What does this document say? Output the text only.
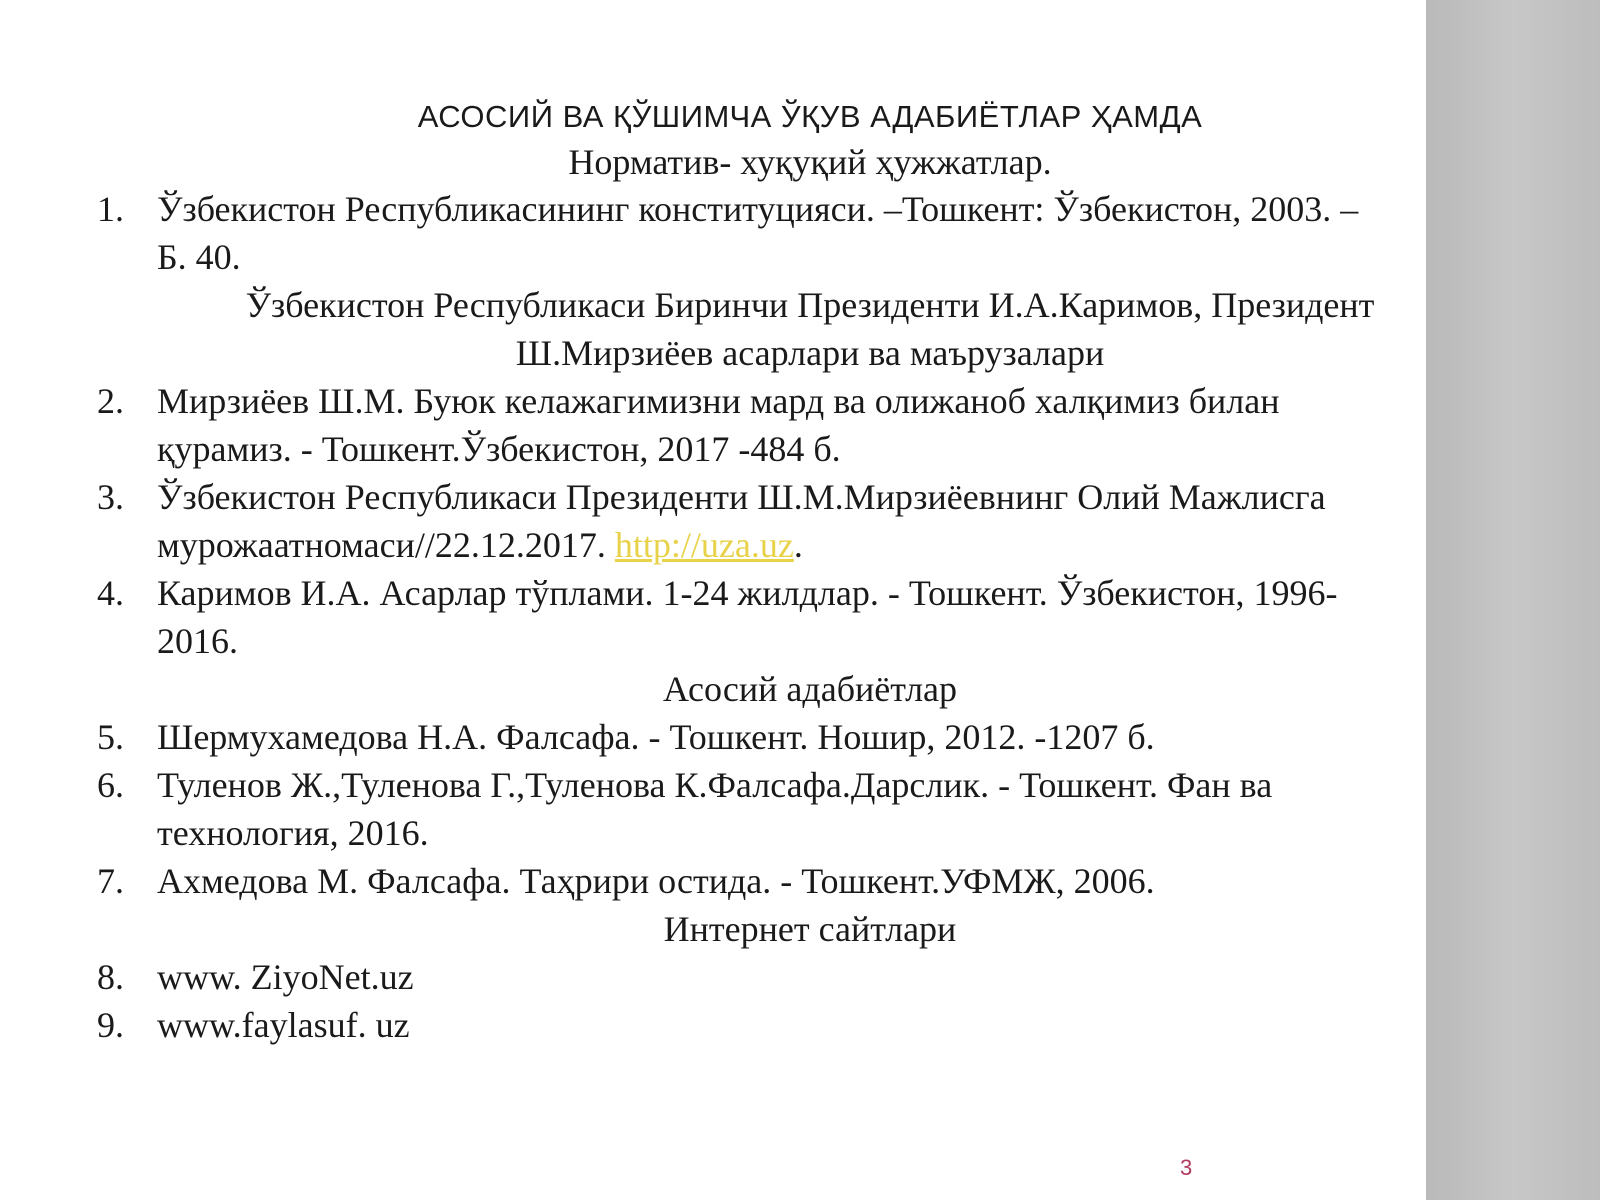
АСОСИЙ ВА ҚЎШИМЧА ЎҚУВ АДАБИЁТЛАР ҲАМДА
Норматив- хуқуқий ҳужжатлар.
1. Ўзбекистон Республикасининг конституцияси. –Тошкент: Ўзбекистон, 2003. –
Б. 40.
Ўзбекистон Республикаси Биринчи Президенти И.А.Каримов, Президент
Ш.Мирзиёев асарлари ва маърузалари
2. Мирзиёев Ш.М. Буюк келажагимизни мард ва олижаноб халқимиз билан
қурамиз. - Тошкент.Ўзбекистон, 2017 -484 б.
3. Ўзбекистон Республикаси Президенти Ш.М.Мирзиёевнинг Олий Мажлисга
мурожаатномаси//22.12.2017. http://uza.uz.
4. Каримов И.А. Асарлар тўплами. 1-24 жилдлар. - Тошкент. Ўзбекистон, 1996-
2016.
Асосий адабиётлар
5. Шермухамедова Н.А. Фалсафа. - Тошкент. Ношир, 2012. -1207 б.
6. Туленов Ж.,Туленова Г.,Туленова К.Фалсафа.Дарслик. - Тошкент. Фан ва
технология, 2016.
7. Ахмедова М. Фалсафа. Таҳрири остида. - Тошкент.УФМЖ, 2006.
Интернет сайтлари
8. www. ZiyoNet.uz
9. www.faylasuf. uz
3
